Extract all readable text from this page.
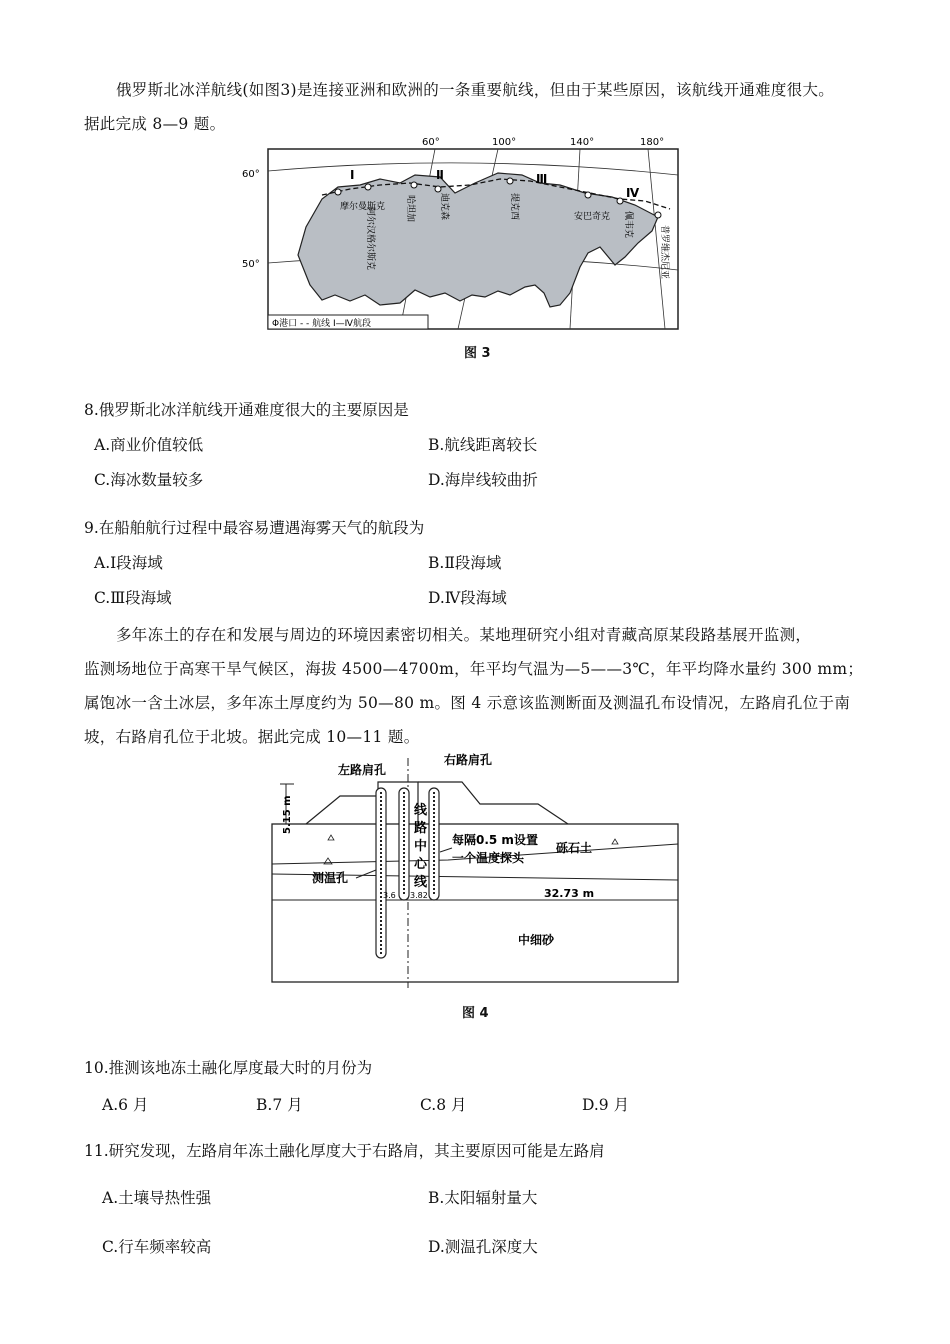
俄罗斯北冰洋航线(如图3)是连接亚洲和欧洲的一条重要航线，但由于某些原因，该航线开通难度很大。
据此完成 8—9 题。
60°
50°
60°	100°	140°	180°
Ⅰ	Ⅱ	Ⅲ
Ⅳ
摩尔曼斯克
阿尔汉格尔斯克
迪克森
哈坦加	提克西	安巴奇克 佩韦克
普罗维杰尼亚
Φ港口 - - 航线 Ⅰ—Ⅳ航段
图 3
8.俄罗斯北冰洋航线开通难度很大的主要原因是
A.商业价值较低	B.航线距离较长
C.海冰数量较多	D.海岸线较曲折
9.在船舶航行过程中最容易遭遇海雾天气的航段为
A.Ⅰ段海域	B.Ⅱ段海域
C.Ⅲ段海域	D.Ⅳ段海域
多年冻土的存在和发展与周边的环境因素密切相关。某地理研究小组对青藏高原某段路基展开监测，
监测场地位于高寒干旱气候区，海拔 4500—4700m，年平均气温为—5——3℃，年平均降水量约 300 mm；
属饱冰一含土冰层，多年冻土厚度约为 50—80 m。图 4 示意该监测断面及测温孔布设情况，左路肩孔位于南
坡，右路肩孔位于北坡。据此完成 10—11 题。
5.15 m
左路肩孔
右路肩孔
线 路 中 心 线
每隔0.5 m设置
一个温度探头
砾石土
测温孔
3.6 3.82	32.73 m
中细砂
图 4
10.推测该地冻土融化厚度最大时的月份为
A.6 月	B.7 月	C.8 月	D.9 月
11.研究发现，左路肩年冻土融化厚度大于右路肩，其主要原因可能是左路肩
A.土壤导热性强	B.太阳辐射量大
C.行车频率较高	D.测温孔深度大
